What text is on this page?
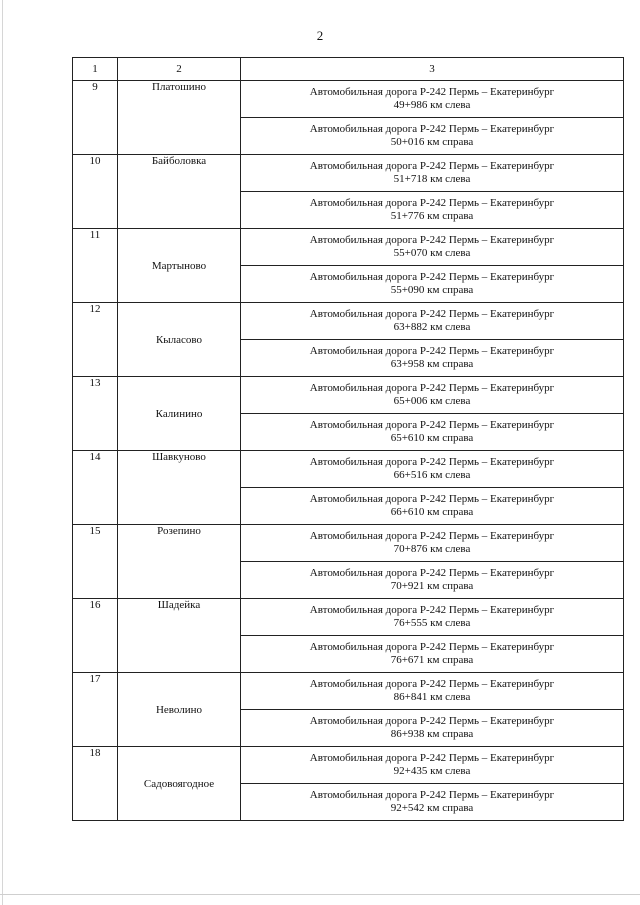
2
1	2	3
9	Платошино	Автомобильная дорога Р-242 Пермь – Екатеринбург
49+986 км слева

		Автомобильная дорога Р-242 Пермь – Екатеринбург
50+016 км справа

10	Байболовка	Автомобильная дорога Р-242 Пермь – Екатеринбург
51+718 км слева

		Автомобильная дорога Р-242 Пермь – Екатеринбург
51+776 км справа

11	Мартыново	Автомобильная дорога Р-242 Пермь – Екатеринбург
55+070 км слева

		Автомобильная дорога Р-242 Пермь – Екатеринбург
55+090 км справа

12	Кыласово	Автомобильная дорога Р-242 Пермь – Екатеринбург
63+882 км слева

		Автомобильная дорога Р-242 Пермь – Екатеринбург
63+958 км справа

13	Калинино	Автомобильная дорога Р-242 Пермь – Екатеринбург
65+006 км слева

		Автомобильная дорога Р-242 Пермь – Екатеринбург
65+610 км справа

14	Шавкуново	Автомобильная дорога Р-242 Пермь – Екатеринбург
66+516 км слева

		Автомобильная дорога Р-242 Пермь – Екатеринбург
66+610 км справа

15	Розепино	Автомобильная дорога Р-242 Пермь – Екатеринбург
70+876 км слева

		Автомобильная дорога Р-242 Пермь – Екатеринбург
70+921 км справа

16	Шадейка	Автомобильная дорога Р-242 Пермь – Екатеринбург
76+555 км слева

		Автомобильная дорога Р-242 Пермь – Екатеринбург
76+671 км справа

17	Неволино	Автомобильная дорога Р-242 Пермь – Екатеринбург
86+841 км слева

		Автомобильная дорога Р-242 Пермь – Екатеринбург
86+938 км справа

18	Садовоягодное	Автомобильная дорога Р-242 Пермь – Екатеринбург
92+435 км слева

		Автомобильная дорога Р-242 Пермь – Екатеринбург
92+542 км справа
